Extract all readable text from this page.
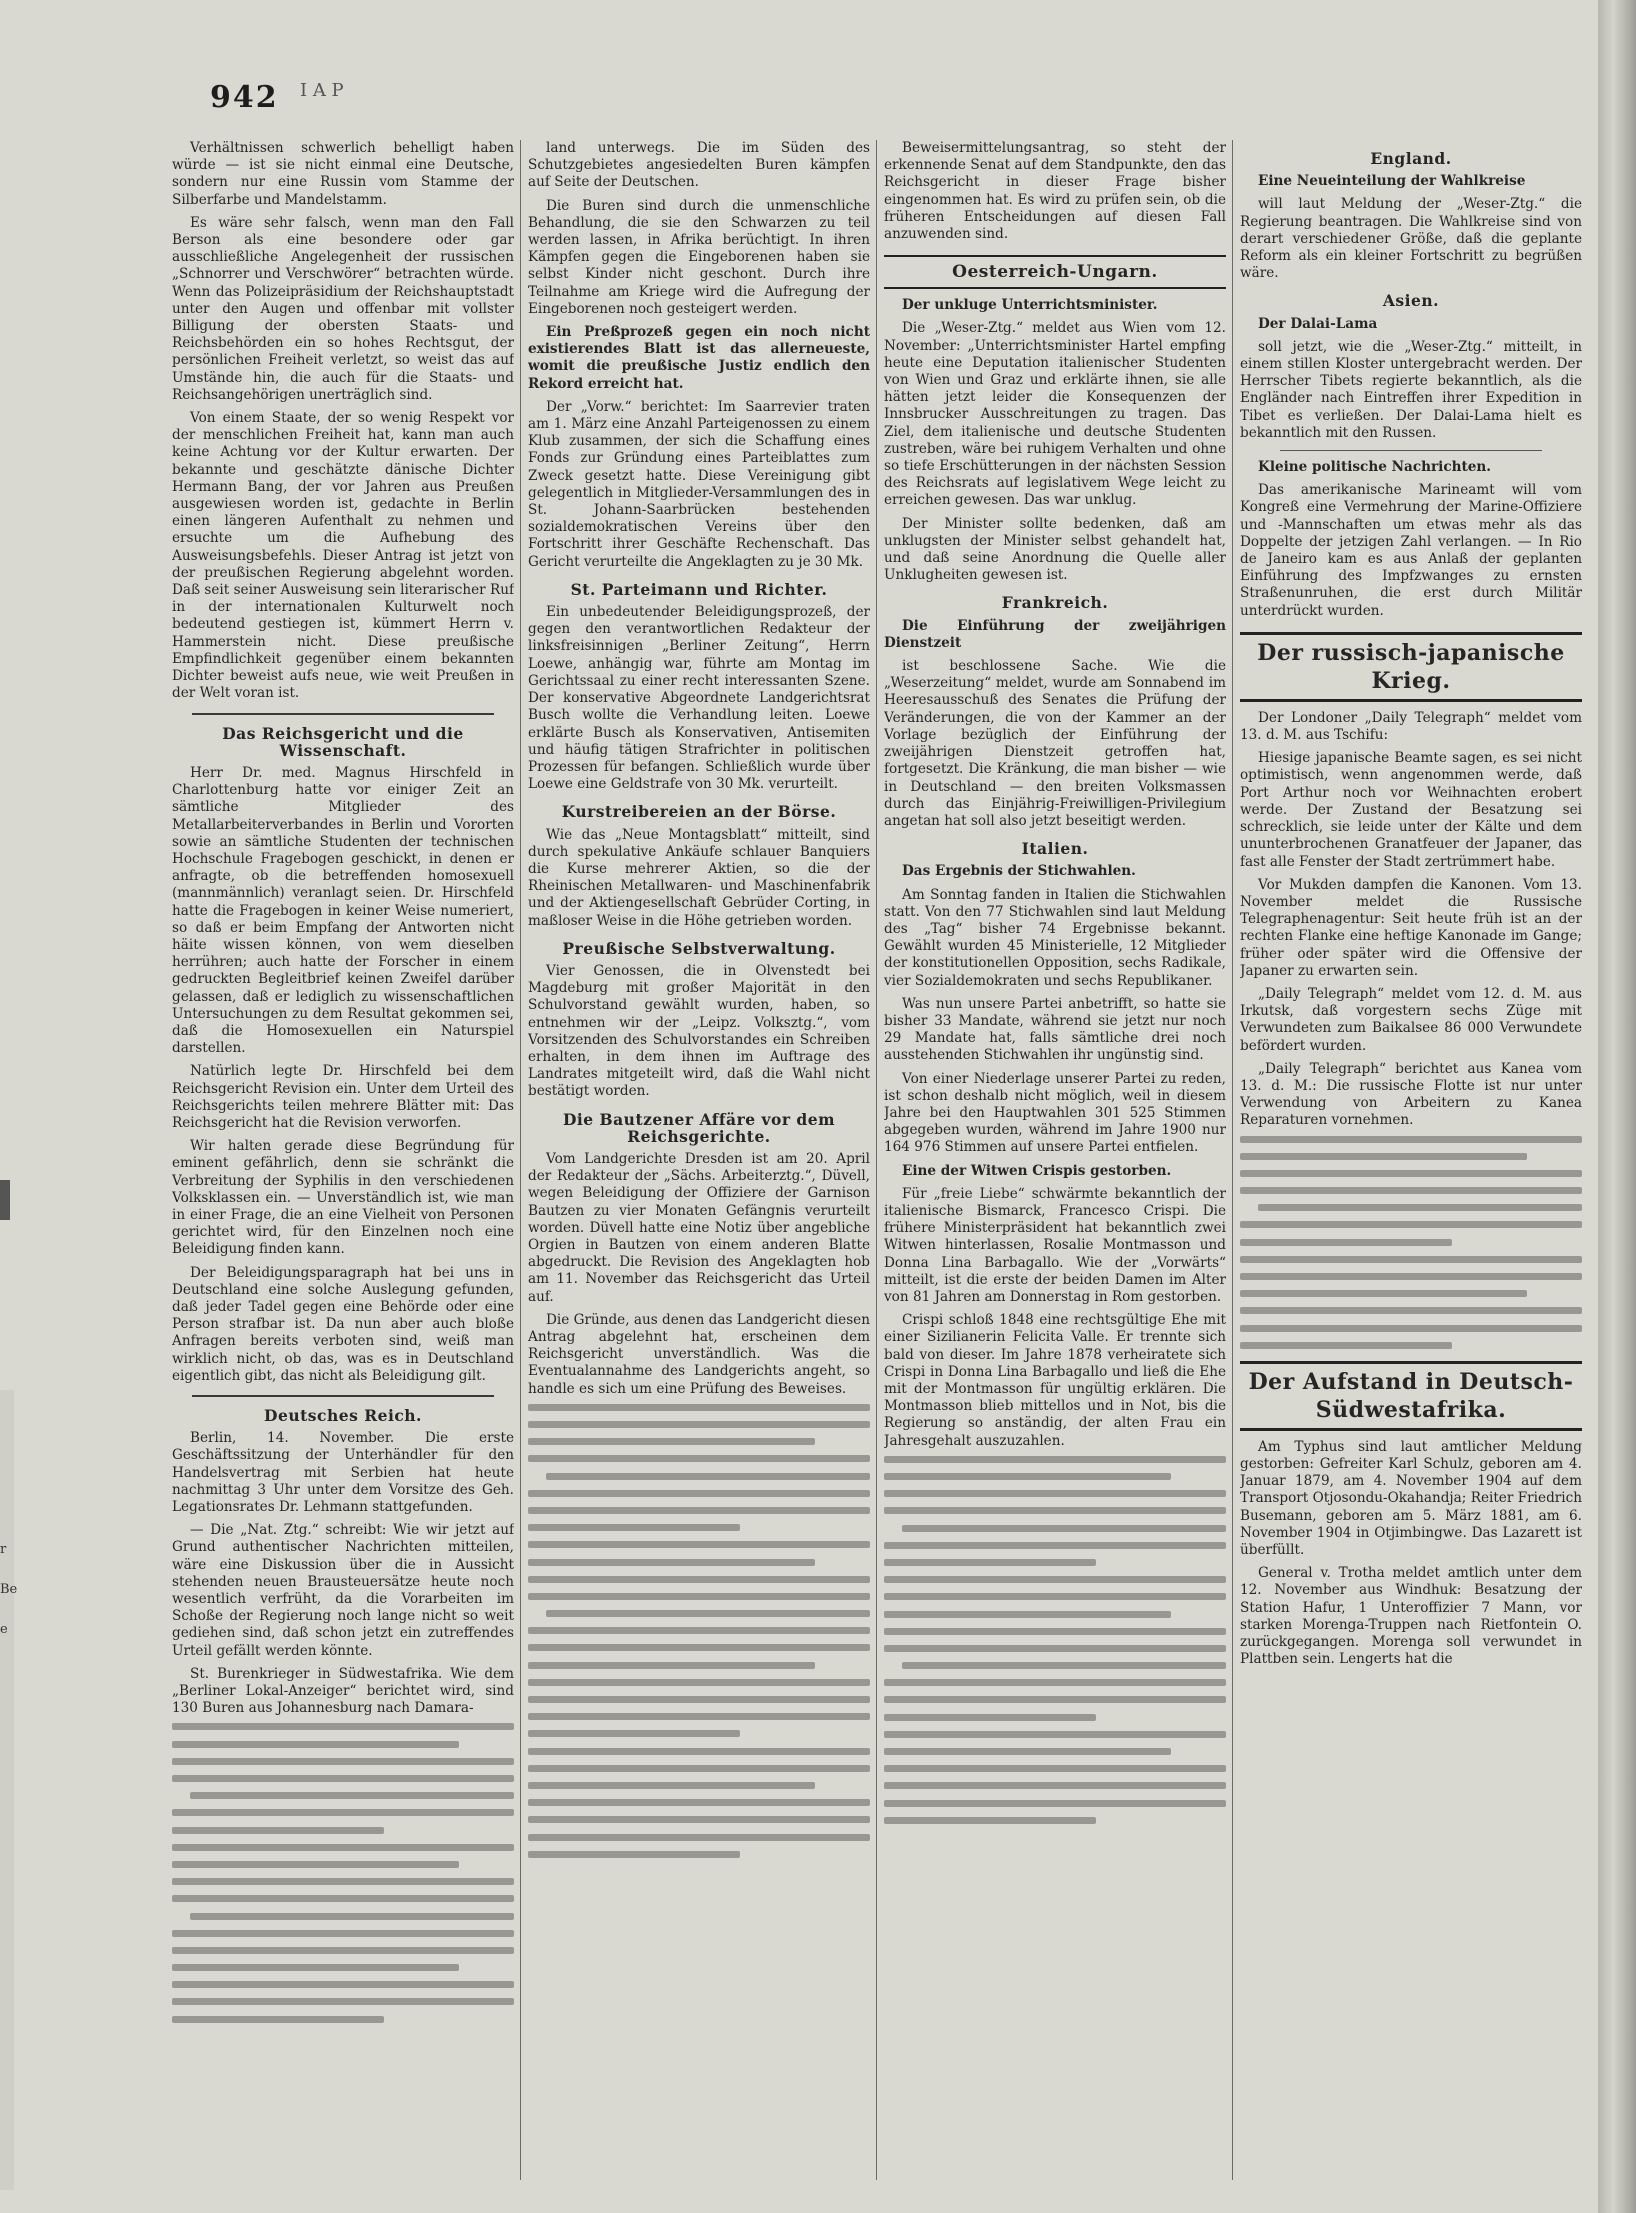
r
Be
e
942 I A P

Verhältnissen schwerlich behelligt haben würde — ist sie nicht einmal eine Deutsche, sondern nur eine Russin vom Stamme der Silberfarbe und Mandelstamm.

Es wäre sehr falsch, wenn man den Fall Berson als eine besondere oder gar ausschließliche Angelegenheit der russischen „Schnorrer und Verschwörer“ betrachten würde. Wenn das Polizeipräsidium der Reichshauptstadt unter den Augen und offenbar mit vollster Billigung der obersten Staats- und Reichsbehörden ein so hohes Rechtsgut, der persönlichen Freiheit verletzt, so weist das auf Umstände hin, die auch für die Staats- und Reichsangehörigen unerträglich sind.

Von einem Staate, der so wenig Respekt vor der menschlichen Freiheit hat, kann man auch keine Achtung vor der Kultur erwarten. Der bekannte und geschätzte dänische Dichter Hermann Bang, der vor Jahren aus Preußen ausgewiesen worden ist, gedachte in Berlin einen längeren Aufenthalt zu nehmen und ersuchte um die Aufhebung des Ausweisungsbefehls. Dieser Antrag ist jetzt von der preußischen Regierung abgelehnt worden. Daß seit seiner Ausweisung sein literarischer Ruf in der internationalen Kulturwelt noch bedeutend gestiegen ist, kümmert Herrn v. Hammerstein nicht. Diese preußische Empfindlichkeit gegenüber einem bekannten Dichter beweist aufs neue, wie weit Preußen in der Welt voran ist.

Das Reichsgericht und die Wissenschaft.

Herr Dr. med. Magnus Hirschfeld in Charlottenburg hatte vor einiger Zeit an sämtliche Mitglieder des Metallarbeiterverbandes in Berlin und Vororten sowie an sämtliche Studenten der technischen Hochschule Fragebogen geschickt, in denen er anfragte, ob die betreffenden homosexuell (mannmännlich) veranlagt seien. Dr. Hirschfeld hatte die Fragebogen in keiner Weise numeriert, so daß er beim Empfang der Antworten nicht häite wissen können, von wem dieselben herrühren; auch hatte der Forscher in einem gedruckten Begleitbrief keinen Zweifel darüber gelassen, daß er lediglich zu wissenschaftlichen Untersuchungen zu dem Resultat gekommen sei, daß die Homosexuellen ein Naturspiel darstellen.

Natürlich legte Dr. Hirschfeld bei dem Reichsgericht Revision ein. Unter dem Urteil des Reichsgerichts teilen mehrere Blätter mit: Das Reichsgericht hat die Revision verworfen.

Wir halten gerade diese Begründung für eminent gefährlich, denn sie schränkt die Verbreitung der Syphilis in den verschiedenen Volksklassen ein. — Unverständlich ist, wie man in einer Frage, die an eine Vielheit von Personen gerichtet wird, für den Einzelnen noch eine Beleidigung finden kann.

Der Beleidigungsparagraph hat bei uns in Deutschland eine solche Auslegung gefunden, daß jeder Tadel gegen eine Behörde oder eine Person strafbar ist. Da nun aber auch bloße Anfragen bereits verboten sind, weiß man wirklich nicht, ob das, was es in Deutschland eigentlich gibt, das nicht als Beleidigung gilt.

Deutsches Reich.

Berlin, 14. November. Die erste Geschäftssitzung der Unterhändler für den Handelsvertrag mit Serbien hat heute nachmittag 3 Uhr unter dem Vorsitze des Geh. Legationsrates Dr. Lehmann stattgefunden.

— Die „Nat. Ztg.“ schreibt: Wie wir jetzt auf Grund authentischer Nachrichten mitteilen, wäre eine Diskussion über die in Aussicht stehenden neuen Brausteuersätze heute noch wesentlich verfrüht, da die Vorarbeiten im Schoße der Regierung noch lange nicht so weit gediehen sind, daß schon jetzt ein zutreffendes Urteil gefällt werden könnte.

St. Burenkrieger in Südwestafrika. Wie dem „Berliner Lokal-Anzeiger“ berichtet wird, sind 130 Buren aus Johannesburg nach Damara-

land unterwegs. Die im Süden des Schutzgebietes angesiedelten Buren kämpfen auf Seite der Deutschen.

Die Buren sind durch die unmenschliche Behandlung, die sie den Schwarzen zu teil werden lassen, in Afrika berüchtigt. In ihren Kämpfen gegen die Eingeborenen haben sie selbst Kinder nicht geschont. Durch ihre Teilnahme am Kriege wird die Aufregung der Eingeborenen noch gesteigert werden.

Ein Preßprozeß gegen ein noch nicht existierendes Blatt ist das allerneueste, womit die preußische Justiz endlich den Rekord erreicht hat.

Der „Vorw.“ berichtet: Im Saarrevier traten am 1. März eine Anzahl Parteigenossen zu einem Klub zusammen, der sich die Schaffung eines Fonds zur Gründung eines Parteiblattes zum Zweck gesetzt hatte. Diese Vereinigung gibt gelegentlich in Mitglieder-Versammlungen des in St. Johann-Saarbrücken bestehenden sozialdemokratischen Vereins über den Fortschritt ihrer Geschäfte Rechenschaft. Das Gericht verurteilte die Angeklagten zu je 30 Mk.

St. Parteimann und Richter.

Ein unbedeutender Beleidigungsprozeß, der gegen den verantwortlichen Redakteur der linksfreisinnigen „Berliner Zeitung“, Herrn Loewe, anhängig war, führte am Montag im Gerichtssaal zu einer recht interessanten Szene. Der konservative Abgeordnete Landgerichtsrat Busch wollte die Verhandlung leiten. Loewe erklärte Busch als Konservativen, Antisemiten und häufig tätigen Strafrichter in politischen Prozessen für befangen. Schließlich wurde über Loewe eine Geldstrafe von 30 Mk. verurteilt.

Kurstreibereien an der Börse.

Wie das „Neue Montagsblatt“ mitteilt, sind durch spekulative Ankäufe schlauer Banquiers die Kurse mehrerer Aktien, so die der Rheinischen Metallwaren- und Maschinenfabrik und der Aktiengesellschaft Gebrüder Corting, in maßloser Weise in die Höhe getrieben worden.

Preußische Selbstverwaltung.

Vier Genossen, die in Olvenstedt bei Magdeburg mit großer Majorität in den Schulvorstand gewählt wurden, haben, so entnehmen wir der „Leipz. Volksztg.“, vom Vorsitzenden des Schulvorstandes ein Schreiben erhalten, in dem ihnen im Auftrage des Landrates mitgeteilt wird, daß die Wahl nicht bestätigt worden.

Die Bautzener Affäre vor dem Reichsgerichte.

Vom Landgerichte Dresden ist am 20. April der Redakteur der „Sächs. Arbeiterztg.“, Düvell, wegen Beleidigung der Offiziere der Garnison Bautzen zu vier Monaten Gefängnis verurteilt worden. Düvell hatte eine Notiz über angebliche Orgien in Bautzen von einem anderen Blatte abgedruckt. Die Revision des Angeklagten hob am 11. November das Reichsgericht das Urteil auf.

Die Gründe, aus denen das Landgericht diesen Antrag abgelehnt hat, erscheinen dem Reichsgericht unverständlich. Was die Eventualannahme des Landgerichts angeht, so handle es sich um eine Prüfung des Beweises.

Beweisermittelungsantrag, so steht der erkennende Senat auf dem Standpunkte, den das Reichsgericht in dieser Frage bisher eingenommen hat. Es wird zu prüfen sein, ob die früheren Entscheidungen auf diesen Fall anzuwenden sind.

Oesterreich-Ungarn.

Der unkluge Unterrichtsminister.

Die „Weser-Ztg.“ meldet aus Wien vom 12. November: „Unterrichtsminister Hartel empfing heute eine Deputation italienischer Studenten von Wien und Graz und erklärte ihnen, sie alle hätten jetzt leider die Konsequenzen der Innsbrucker Ausschreitungen zu tragen. Das Ziel, dem italienische und deutsche Studenten zustreben, wäre bei ruhigem Verhalten und ohne so tiefe Erschütterungen in der nächsten Session des Reichsrats auf legislativem Wege leicht zu erreichen gewesen. Das war unklug.

Der Minister sollte bedenken, daß am unklugsten der Minister selbst gehandelt hat, und daß seine Anordnung die Quelle aller Unklugheiten gewesen ist.

Frankreich.

Die Einführung der zweijährigen Dienstzeit

ist beschlossene Sache. Wie die „Weserzeitung“ meldet, wurde am Sonnabend im Heeresausschuß des Senates die Prüfung der Veränderungen, die von der Kammer an der Vorlage bezüglich der Einführung der zweijährigen Dienstzeit getroffen hat, fortgesetzt. Die Kränkung, die man bisher — wie in Deutschland — den breiten Volksmassen durch das Einjährig-Freiwilligen-Privilegium angetan hat soll also jetzt beseitigt werden.

Italien.

Das Ergebnis der Stichwahlen.

Am Sonntag fanden in Italien die Stichwahlen statt. Von den 77 Stichwahlen sind laut Meldung des „Tag“ bisher 74 Ergebnisse bekannt. Gewählt wurden 45 Ministerielle, 12 Mitglieder der konstitutionellen Opposition, sechs Radikale, vier Sozialdemokraten und sechs Republikaner.

Was nun unsere Partei anbetrifft, so hatte sie bisher 33 Mandate, während sie jetzt nur noch 29 Mandate hat, falls sämtliche drei noch ausstehenden Stichwahlen ihr ungünstig sind.

Von einer Niederlage unserer Partei zu reden, ist schon deshalb nicht möglich, weil in diesem Jahre bei den Hauptwahlen 301 525 Stimmen abgegeben wurden, während im Jahre 1900 nur 164 976 Stimmen auf unsere Partei entfielen.

Eine der Witwen Crispis gestorben.

Für „freie Liebe“ schwärmte bekanntlich der italienische Bismarck, Francesco Crispi. Die frühere Ministerpräsident hat bekanntlich zwei Witwen hinterlassen, Rosalie Montmasson und Donna Lina Barbagallo. Wie der „Vorwärts“ mitteilt, ist die erste der beiden Damen im Alter von 81 Jahren am Donnerstag in Rom gestorben.

Crispi schloß 1848 eine rechtsgültige Ehe mit einer Sizilianerin Felicita Valle. Er trennte sich bald von dieser. Im Jahre 1878 verheiratete sich Crispi in Donna Lina Barbagallo und ließ die Ehe mit der Montmasson für ungültig erklären. Die Montmasson blieb mittellos und in Not, bis die Regierung so anständig, der alten Frau ein Jahresgehalt auszuzahlen.

England.

Eine Neueinteilung der Wahlkreise

will laut Meldung der „Weser-Ztg.“ die Regierung beantragen. Die Wahlkreise sind von derart verschiedener Größe, daß die geplante Reform als ein kleiner Fortschritt zu begrüßen wäre.

Asien.

Der Dalai-Lama

soll jetzt, wie die „Weser-Ztg.“ mitteilt, in einem stillen Kloster untergebracht werden. Der Herrscher Tibets regierte bekanntlich, als die Engländer nach Eintreffen ihrer Expedition in Tibet es verließen. Der Dalai-Lama hielt es bekanntlich mit den Russen.

Kleine politische Nachrichten.

Das amerikanische Marineamt will vom Kongreß eine Vermehrung der Marine-Offiziere und -Mannschaften um etwas mehr als das Doppelte der jetzigen Zahl verlangen. — In Rio de Janeiro kam es aus Anlaß der geplanten Einführung des Impfzwanges zu ernsten Straßenunruhen, die erst durch Militär unterdrückt wurden.

Der russisch-japanische Krieg.

Der Londoner „Daily Telegraph“ meldet vom 13. d. M. aus Tschifu:

Hiesige japanische Beamte sagen, es sei nicht optimistisch, wenn angenommen werde, daß Port Arthur noch vor Weihnachten erobert werde. Der Zustand der Besatzung sei schrecklich, sie leide unter der Kälte und dem ununterbrochenen Granatfeuer der Japaner, das fast alle Fenster der Stadt zertrümmert habe.

Vor Mukden dampfen die Kanonen. Vom 13. November meldet die Russische Telegraphenagentur: Seit heute früh ist an der rechten Flanke eine heftige Kanonade im Gange; früher oder später wird die Offensive der Japaner zu erwarten sein.

„Daily Telegraph“ meldet vom 12. d. M. aus Irkutsk, daß vorgestern sechs Züge mit Verwundeten zum Baikalsee 86 000 Verwundete befördert wurden.

„Daily Telegraph“ berichtet aus Kanea vom 13. d. M.: Die russische Flotte ist nur unter Verwendung von Arbeitern zu Kanea Reparaturen vornehmen.

Der Aufstand in Deutsch-Südwestafrika.

Am Typhus sind laut amtlicher Meldung gestorben: Gefreiter Karl Schulz, geboren am 4. Januar 1879, am 4. November 1904 auf dem Transport Otjosondu-Okahandja; Reiter Friedrich Busemann, geboren am 5. März 1881, am 6. November 1904 in Otjimbingwe. Das Lazarett ist überfüllt.

General v. Trotha meldet amtlich unter dem 12. November aus Windhuk: Besatzung der Station Hafur, 1 Unteroffizier 7 Mann, vor starken Morenga-Truppen nach Rietfontein O. zurückgegangen. Morenga soll verwundet in Plattben sein. Lengerts hat die
